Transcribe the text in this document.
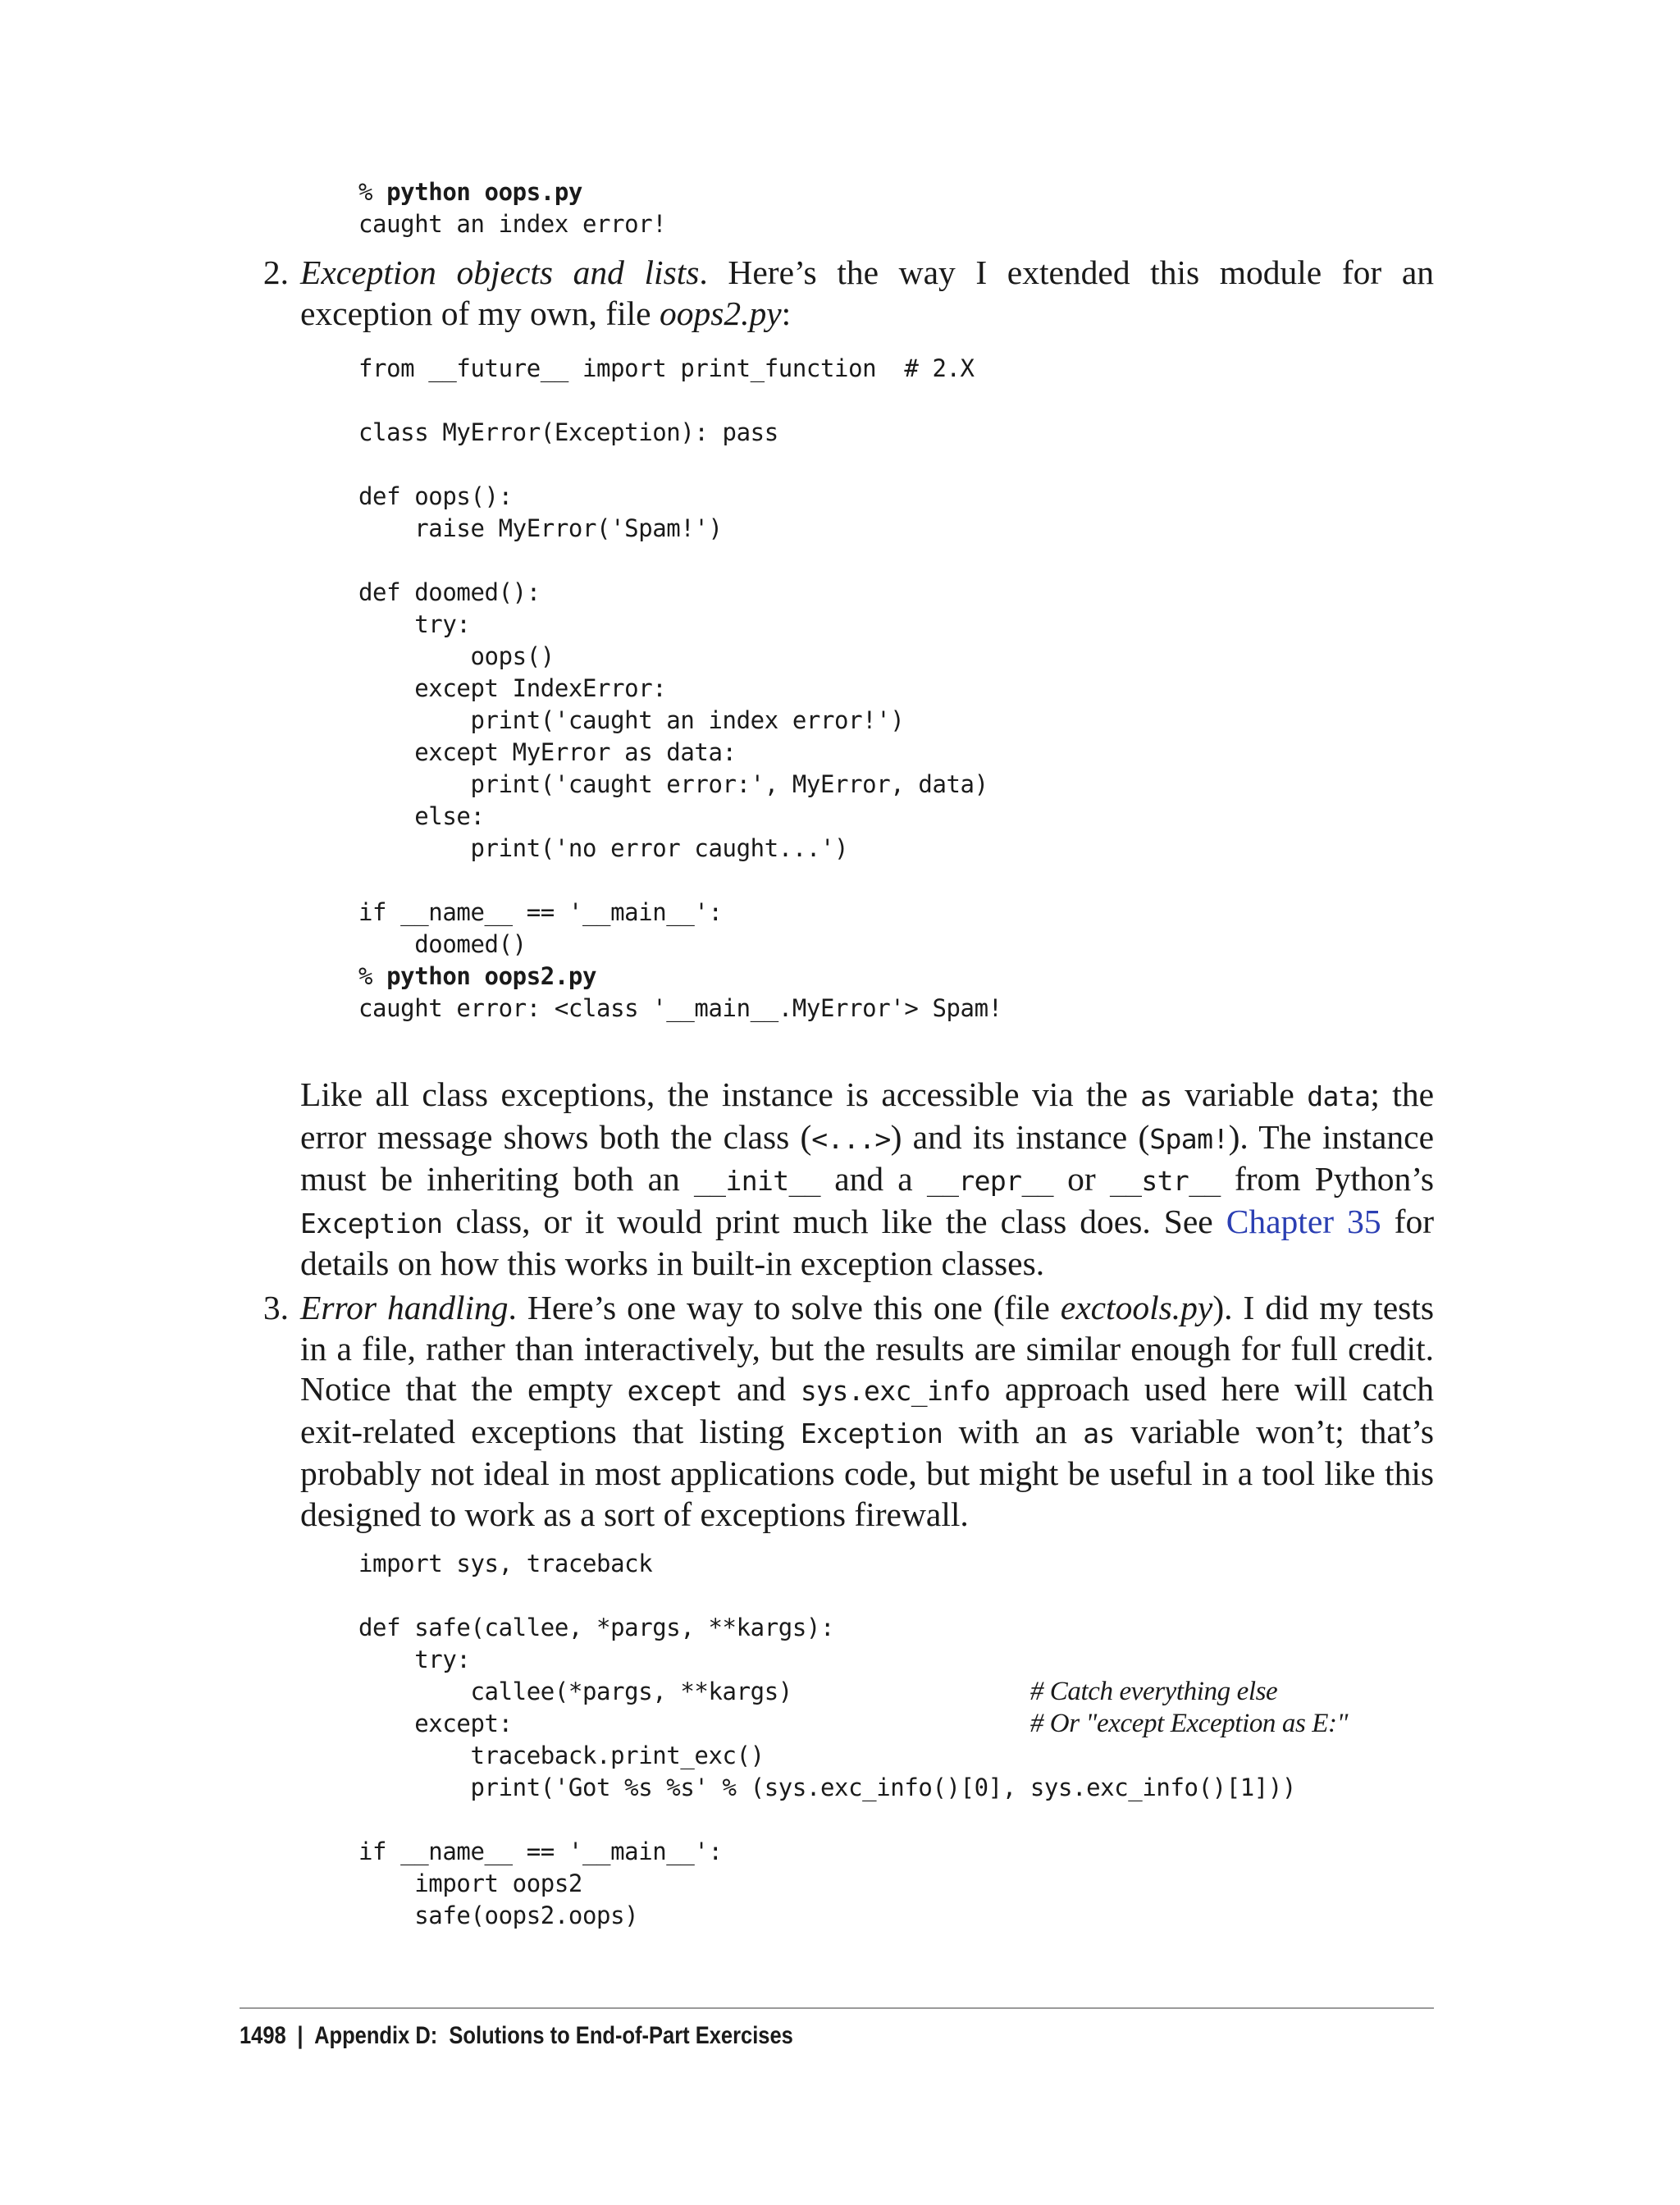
% python oops.py
caught an index error!
2. Exception objects and lists. Here’s the way I extended this module for an exception of my own, file oops2.py:

from __future__ import print_function  # 2.X

class MyError(Exception): pass

def oops():
raise MyError('Spam!')

def doomed():
try:
oops()
except IndexError:
print('caught an index error!')
except MyError as data:
print('caught error:', MyError, data)
else:
print('no error caught...')

if __name__ == '__main__':
doomed()
% python oops2.py
caught error: <class '__main__.MyError'> Spam!

Like all class exceptions, the instance is accessible via the as variable data; the error message shows both the class (<...>) and its instance (Spam!). The instance must be inheriting both an __init__ and a __repr__ or __str__ from Python’s Exception class, or it would print much like the class does. See Chapter 35 for details on how this works in built-in exception classes.

3. Error handling. Here’s one way to solve this one (file exctools.py). I did my tests in a file, rather than interactively, but the results are similar enough for full credit. Notice that the empty except and sys.exc_info approach used here will catch exit-related exceptions that listing Exception with an as variable won’t; that’s probably not ideal in most applications code, but might be useful in a tool like this designed to work as a sort of exceptions firewall.

import sys, traceback

def safe(callee, *pargs, **kargs):
try:
callee(*pargs, **kargs)	# Catch everything else
except:	# Or "except Exception as E:"
traceback.print_exc()
print('Got %s %s' % (sys.exc_info()[0], sys.exc_info()[1]))

if __name__ == '__main__':
import oops2
safe(oops2.oops)
1498 | Appendix D:  Solutions to End-of-Part Exercises
